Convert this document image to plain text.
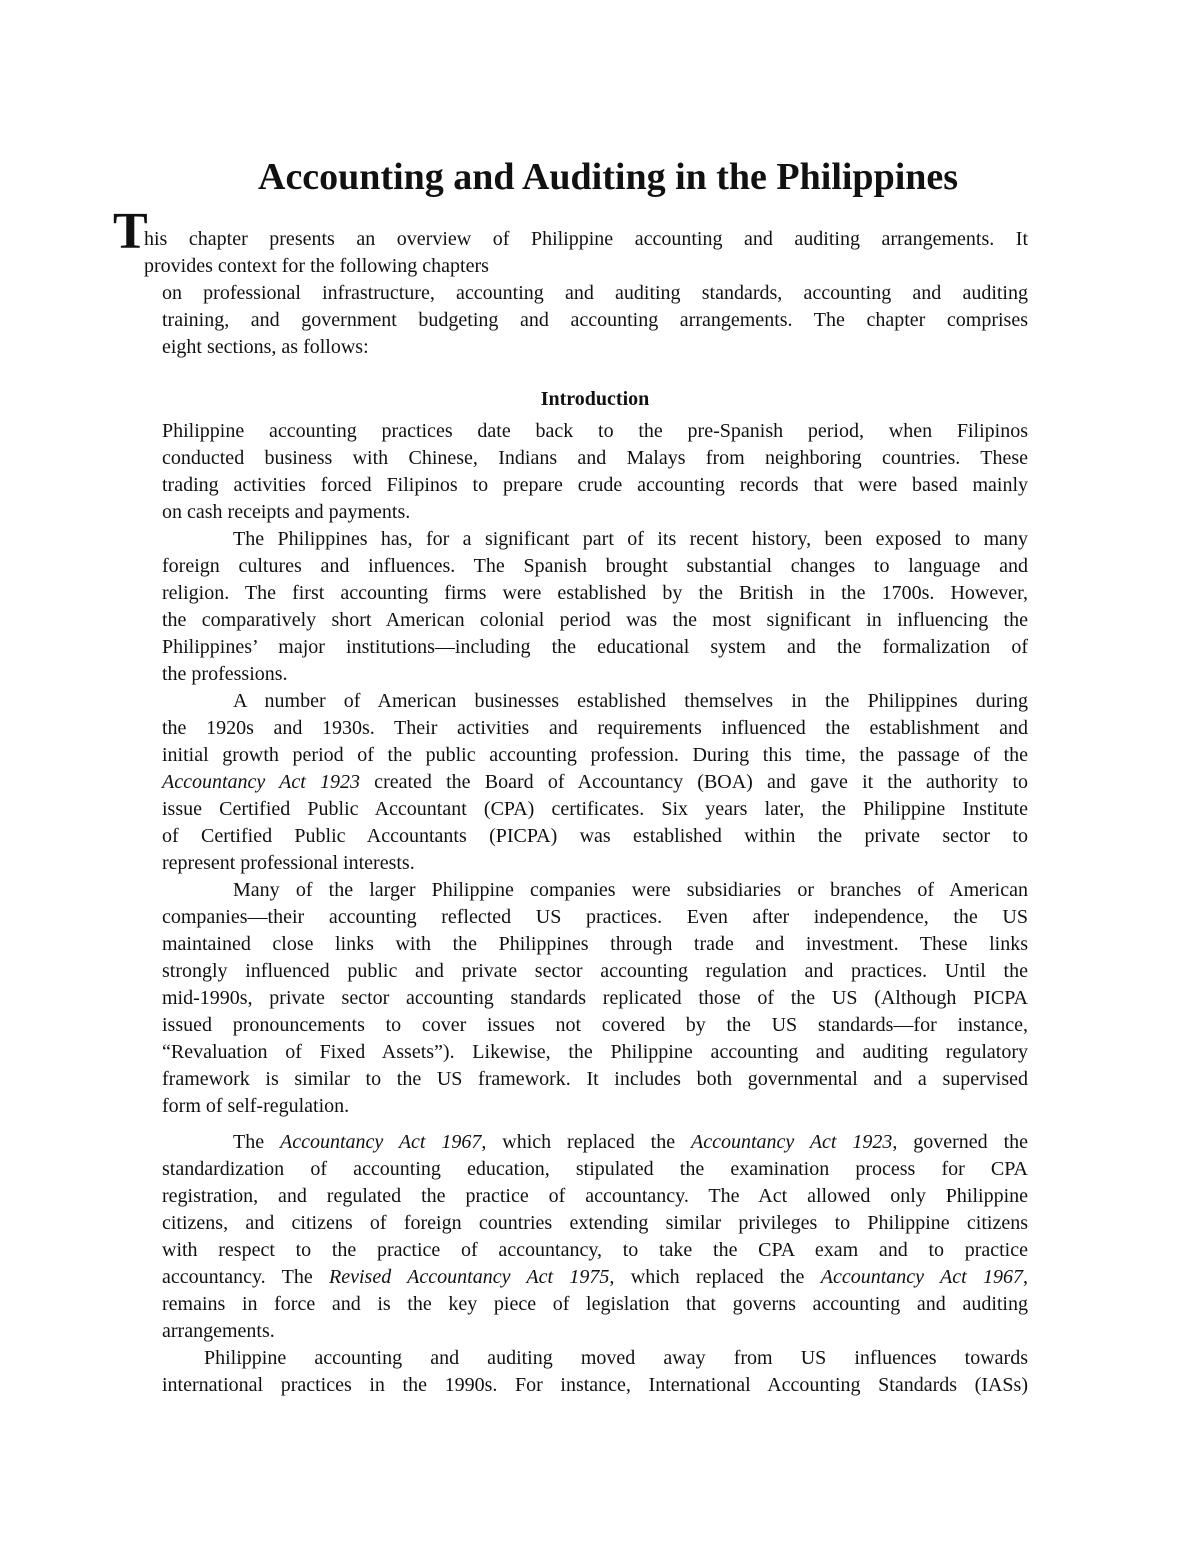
Accounting and Auditing in the Philippines
T
his chapter presents an overview of Philippine accounting and auditing arrangements. It
provides context for the following chapters
on professional infrastructure, accounting and auditing standards, accounting and auditing
training, and government budgeting and accounting arrangements. The chapter comprises
eight sections, as follows:
Introduction
Philippine accounting practices date back to the pre-Spanish period, when Filipinos
conducted business with Chinese, Indians and Malays from neighboring countries. These
trading activities forced Filipinos to prepare crude accounting records that were based mainly
on cash receipts and payments.
The Philippines has, for a significant part of its recent history, been exposed to many
foreign cultures and influences. The Spanish brought substantial changes to language and
religion. The first accounting firms were established by the British in the 1700s. However,
the comparatively short American colonial period was the most significant in influencing the
Philippines’ major institutions—including the educational system and the formalization of
the professions.
A number of American businesses established themselves in the Philippines during
the 1920s and 1930s. Their activities and requirements influenced the establishment and
initial growth period of the public accounting profession. During this time, the passage of the
Accountancy Act 1923 created the Board of Accountancy (BOA) and gave it the authority to
issue Certified Public Accountant (CPA) certificates. Six years later, the Philippine Institute
of Certified Public Accountants (PICPA) was established within the private sector to
represent professional interests.
Many of the larger Philippine companies were subsidiaries or branches of American
companies—their accounting reflected US practices. Even after independence, the US
maintained close links with the Philippines through trade and investment. These links
strongly influenced public and private sector accounting regulation and practices. Until the
mid-1990s, private sector accounting standards replicated those of the US (Although PICPA
issued pronouncements to cover issues not covered by the US standards—for instance,
“Revaluation of Fixed Assets”). Likewise, the Philippine accounting and auditing regulatory
framework is similar to the US framework. It includes both governmental and a supervised
form of self-regulation.
The Accountancy Act 1967, which replaced the Accountancy Act 1923, governed the
standardization of accounting education, stipulated the examination process for CPA
registration, and regulated the practice of accountancy. The Act allowed only Philippine
citizens, and citizens of foreign countries extending similar privileges to Philippine citizens
with respect to the practice of accountancy, to take the CPA exam and to practice
accountancy. The Revised Accountancy Act 1975, which replaced the Accountancy Act 1967,
remains in force and is the key piece of legislation that governs accounting and auditing
arrangements.
Philippine accounting and auditing moved away from US influences towards
international practices in the 1990s. For instance, International Accounting Standards (IASs)
